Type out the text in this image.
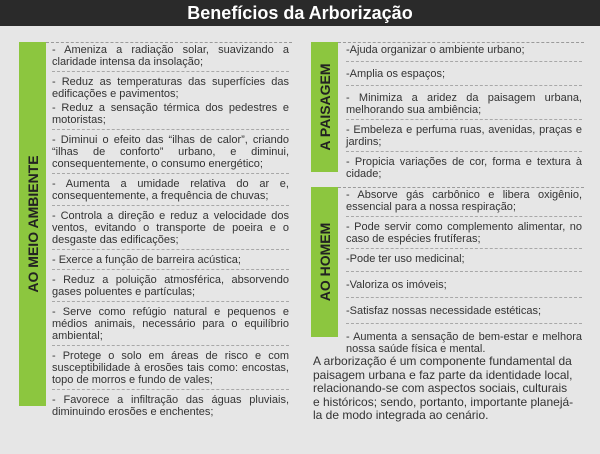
Benefícios da Arborização
AO MEIO AMBIENTE
- Ameniza a radiação solar, suavizando a claridade intensa da insolação;
- Reduz as temperaturas das superfícies das edificações e pavimentos;
- Reduz a sensação térmica dos pedestres e motoristas;
- Diminui o efeito das “ilhas de calor”, criando “ilhas de conforto” urbano, e diminui, consequentemente, o consumo energético;
- Aumenta a umidade relativa do ar e, consequentemente, a frequência de chuvas;
- Controla a direção e reduz a velocidade dos ventos, evitando o transporte de poeira e o desgaste das edificações;
- Exerce a função de barreira acústica;
- Reduz a poluição atmosférica, absorvendo gases poluentes e partículas;
- Serve como refúgio natural e pequenos e médios animais, necessário para o equilíbrio ambiental;
- Protege o solo em áreas de risco e com susceptibilidade à erosões tais como: encostas, topo de morros e fundo de vales;
- Favorece a infiltração das águas pluviais, diminuindo erosões e enchentes;
A PAISAGEM
-Ajuda organizar o ambiente urbano;
-Amplia os espaços;
- Minimiza a aridez da paisagem urbana, melhorando sua ambiência;
- Embeleza e perfuma ruas, avenidas, praças e jardins;
- Propicia variações de cor, forma e textura à cidade;
AO HOMEM
- Absorve gás carbônico e libera oxigênio, essencial para a nossa respiração;
- Pode servir como complemento alimentar, no caso de espécies frutíferas;
-Pode ter uso medicinal;
-Valoriza os imóveis;
-Satisfaz nossas necessidade estéticas;
- Aumenta a sensação de bem-estar e melhora nossa saúde física e mental.

A arborização é um componente fundamental da paisagem urbana e faz parte da identidade local, relacionando-se com aspectos sociais, culturais e históricos; sendo, portanto, importante planejá-la de modo integrada ao cenário.
